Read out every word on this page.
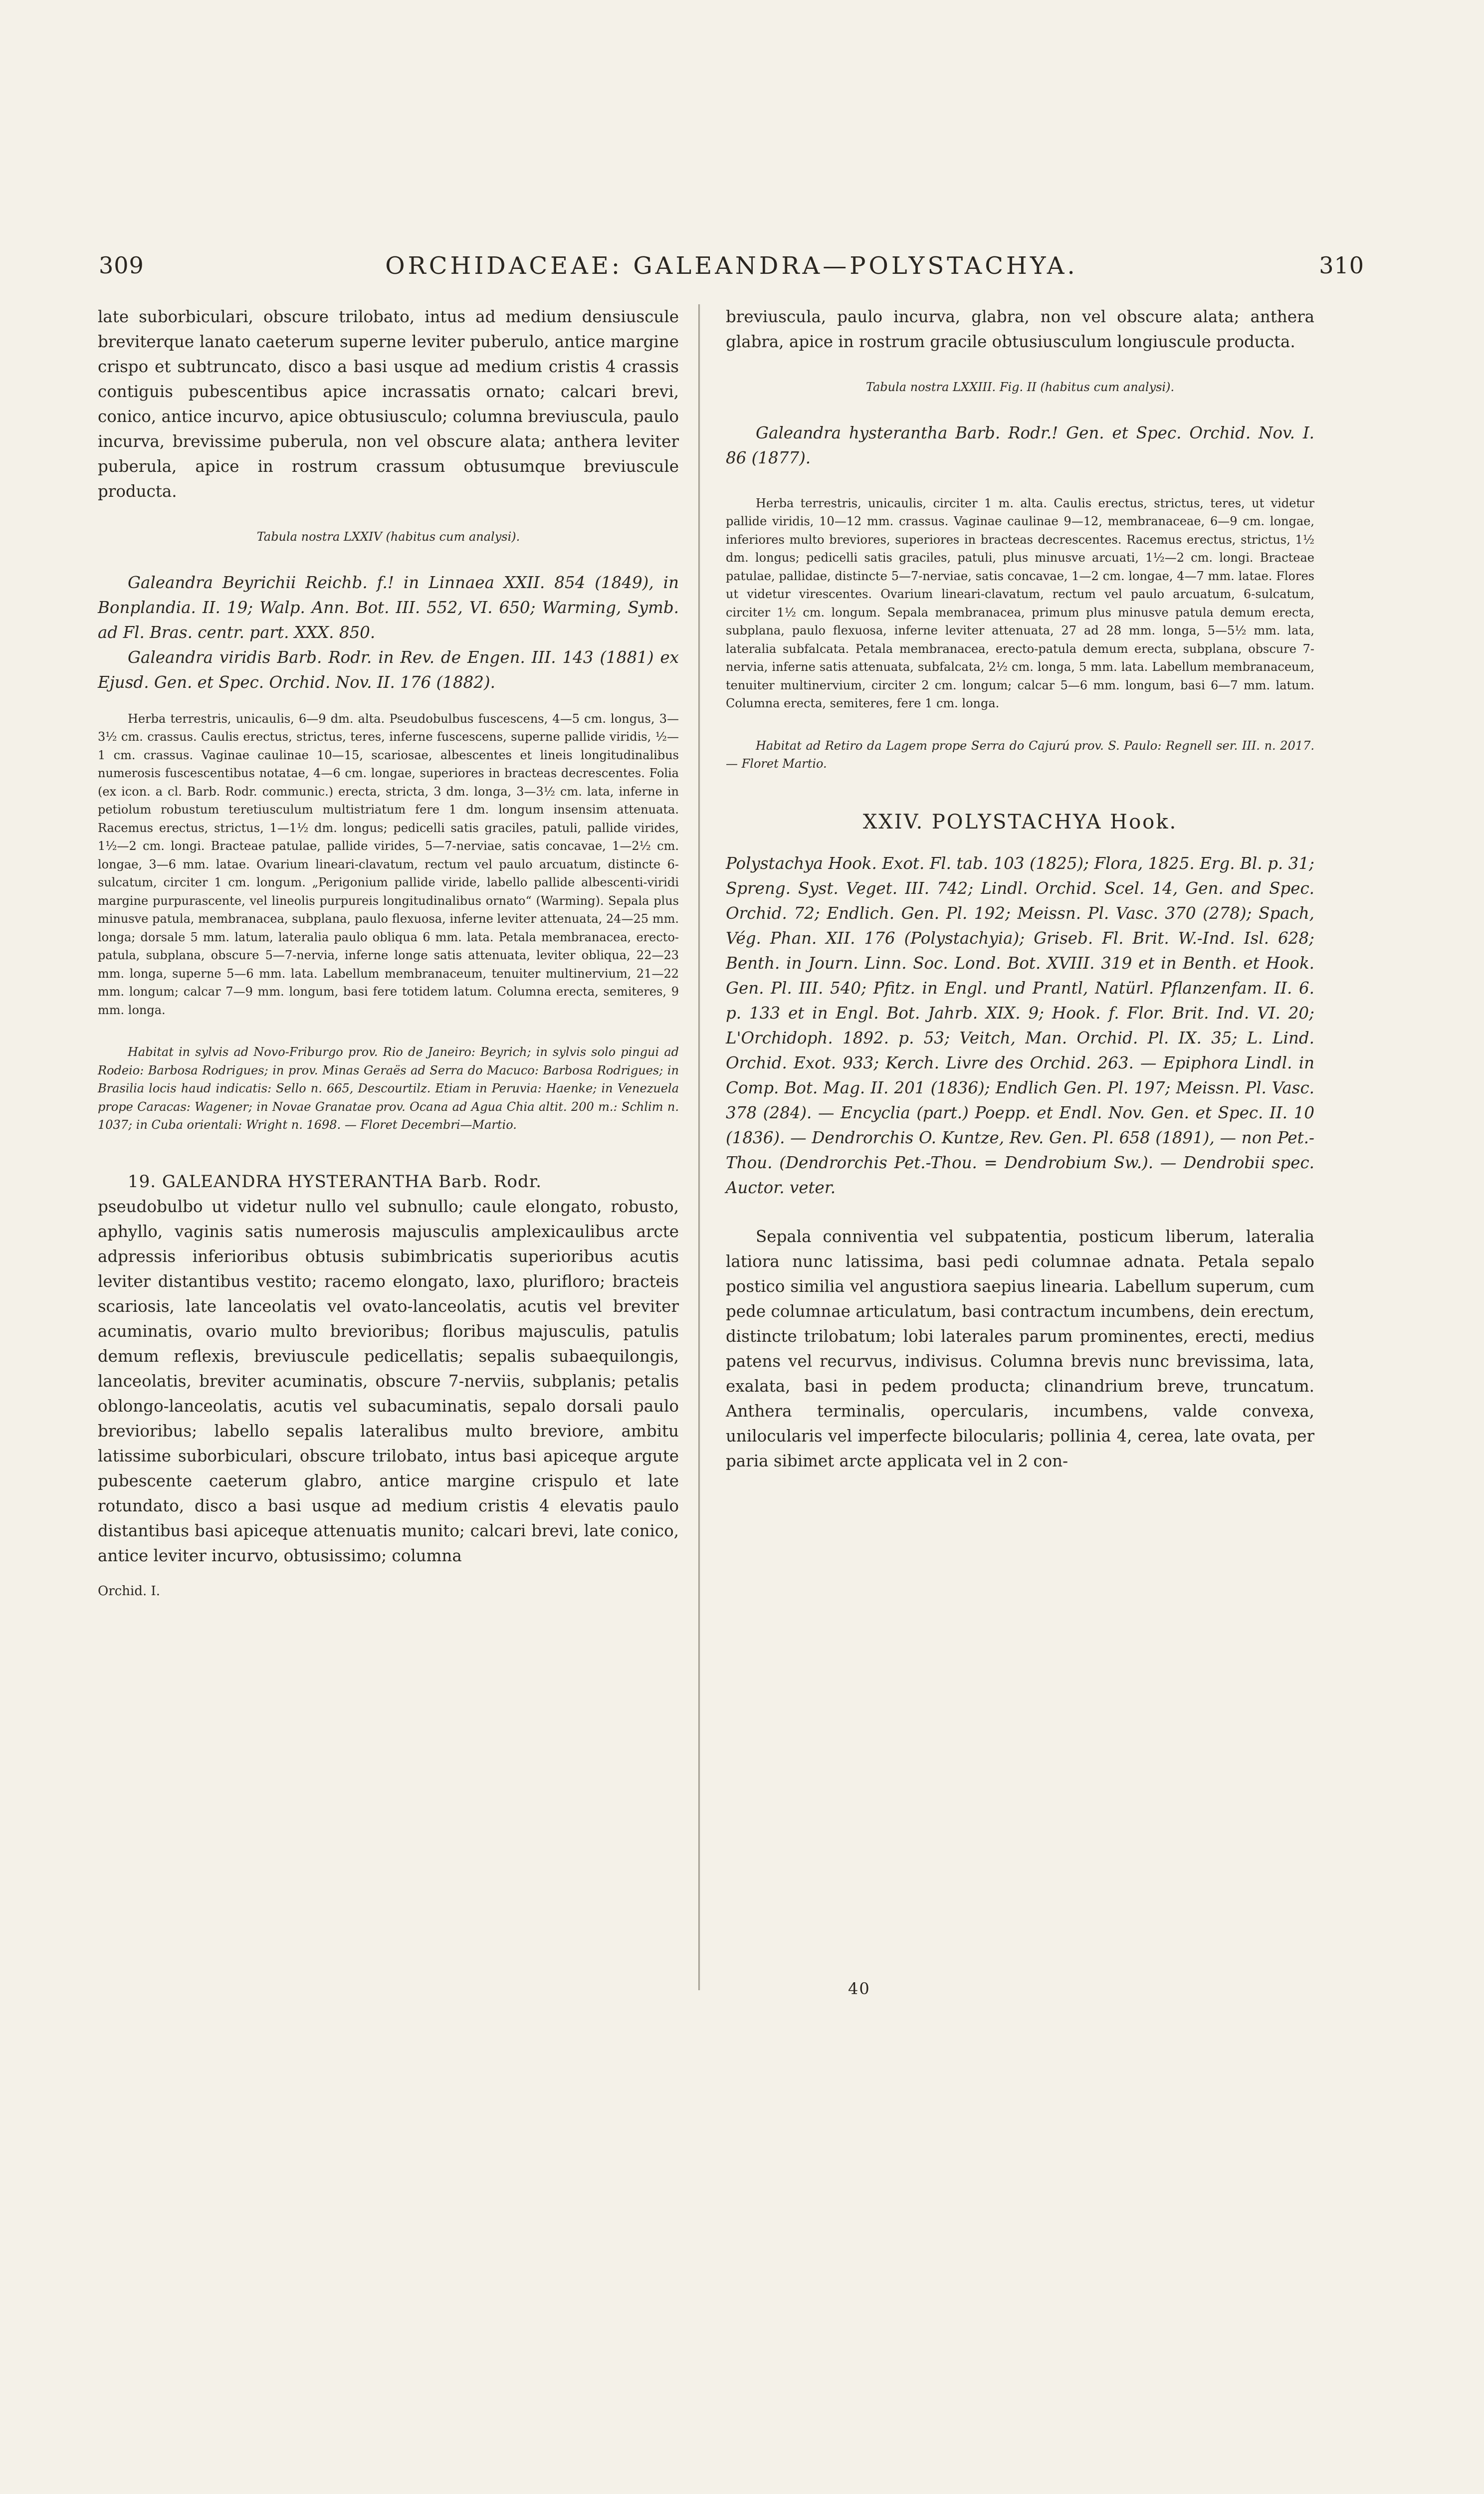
309	ORCHIDACEAE: GALEANDRA—POLYSTACHYA.	310

late suborbiculari, obscure trilobato, intus ad medium densiuscule breviterque lanato caeterum superne leviter puberulo, antice margine crispo et subtruncato, disco a basi usque ad medium cristis 4 crassis contiguis pubescentibus apice incrassatis ornato; calcari brevi, conico, antice incurvo, apice obtusiusculo; columna breviuscula, paulo incurva, brevissime puberula, non vel obscure alata; anthera leviter puberula, apice in rostrum crassum obtusumque breviuscule producta.

Tabula nostra LXXIV (habitus cum analysi).

Galeandra Beyrichii Reichb. f.! in Linnaea XXII. 854 (1849), in Bonplandia. II. 19; Walp. Ann. Bot. III. 552, VI. 650; Warming, Symb. ad Fl. Bras. centr. part. XXX. 850.

Galeandra viridis Barb. Rodr. in Rev. de Engen. III. 143 (1881) ex Ejusd. Gen. et Spec. Orchid. Nov. II. 176 (1882).

Herba terrestris, unicaulis, 6—9 dm. alta. Pseudobulbus fuscescens, 4—5 cm. longus, 3—3½ cm. crassus. Caulis erectus, strictus, teres, inferne fuscescens, superne pallide viridis, ½—1 cm. crassus. Vaginae caulinae 10—15, scariosae, albescentes et lineis longitudinalibus numerosis fuscescentibus notatae, 4—6 cm. longae, superiores in bracteas decrescentes. Folia (ex icon. a cl. Barb. Rodr. communic.) erecta, stricta, 3 dm. longa, 3—3½ cm. lata, inferne in petiolum robustum teretiusculum multistriatum fere 1 dm. longum insensim attenuata. Racemus erectus, strictus, 1—1½ dm. longus; pedicelli satis graciles, patuli, pallide virides, 1½—2 cm. longi. Bracteae patulae, pallide virides, 5—7-nerviae, satis concavae, 1—2½ cm. longae, 3—6 mm. latae. Ovarium lineari-clavatum, rectum vel paulo arcuatum, distincte 6-sulcatum, circiter 1 cm. longum. „Perigonium pallide viride, labello pallide albescenti-viridi margine purpurascente, vel lineolis purpureis longitudinalibus ornato“ (Warming). Sepala plus minusve patula, membranacea, subplana, paulo flexuosa, inferne leviter attenuata, 24—25 mm. longa; dorsale 5 mm. latum, lateralia paulo obliqua 6 mm. lata. Petala membranacea, erecto-patula, subplana, obscure 5—7-nervia, inferne longe satis attenuata, leviter obliqua, 22—23 mm. longa, superne 5—6 mm. lata. Labellum membranaceum, tenuiter multinervium, 21—22 mm. longum; calcar 7—9 mm. longum, basi fere totidem latum. Columna erecta, semiteres, 9 mm. longa.

Habitat in sylvis ad Novo-Friburgo prov. Rio de Janeiro: Beyrich; in sylvis solo pingui ad Rodeio: Barbosa Rodrigues; in prov. Minas Geraës ad Serra do Macuco: Barbosa Rodrigues; in Brasilia locis haud indicatis: Sello n. 665, Descourtilz. Etiam in Peruvia: Haenke; in Venezuela prope Caracas: Wagener; in Novae Granatae prov. Ocana ad Agua Chia altit. 200 m.: Schlim n. 1037; in Cuba orientali: Wright n. 1698. — Floret Decembri—Martio.

19. GALEANDRA HYSTERANTHA Barb. Rodr.

pseudobulbo ut videtur nullo vel subnullo; caule elongato, robusto, aphyllo, vaginis satis numerosis majusculis amplexicaulibus arcte adpressis inferioribus obtusis subimbricatis superioribus acutis leviter distantibus vestito; racemo elongato, laxo, plurifloro; bracteis scariosis, late lanceolatis vel ovato-lanceolatis, acutis vel breviter acuminatis, ovario multo brevioribus; floribus majusculis, patulis demum reflexis, breviuscule pedicellatis; sepalis subaequilongis, lanceolatis, breviter acuminatis, obscure 7-nerviis, subplanis; petalis oblongo-lanceolatis, acutis vel subacuminatis, sepalo dorsali paulo brevioribus; labello sepalis lateralibus multo breviore, ambitu latissime suborbiculari, obscure trilobato, intus basi apiceque argute pubescente caeterum glabro, antice margine crispulo et late rotundato, disco a basi usque ad medium cristis 4 elevatis paulo distantibus basi apiceque attenuatis munito; calcari brevi, late conico, antice leviter incurvo, obtusissimo; columna

Orchid. I.

breviuscula, paulo incurva, glabra, non vel obscure alata; anthera glabra, apice in rostrum gracile obtusiusculum longiuscule producta.

Tabula nostra LXXIII. Fig. II (habitus cum analysi).

Galeandra hysterantha Barb. Rodr.! Gen. et Spec. Orchid. Nov. I. 86 (1877).

Herba terrestris, unicaulis, circiter 1 m. alta. Caulis erectus, strictus, teres, ut videtur pallide viridis, 10—12 mm. crassus. Vaginae caulinae 9—12, membranaceae, 6—9 cm. longae, inferiores multo breviores, superiores in bracteas decrescentes. Racemus erectus, strictus, 1½ dm. longus; pedicelli satis graciles, patuli, plus minusve arcuati, 1½—2 cm. longi. Bracteae patulae, pallidae, distincte 5—7-nerviae, satis concavae, 1—2 cm. longae, 4—7 mm. latae. Flores ut videtur virescentes. Ovarium lineari-clavatum, rectum vel paulo arcuatum, 6-sulcatum, circiter 1½ cm. longum. Sepala membranacea, primum plus minusve patula demum erecta, subplana, paulo flexuosa, inferne leviter attenuata, 27 ad 28 mm. longa, 5—5½ mm. lata, lateralia subfalcata. Petala membranacea, erecto-patula demum erecta, subplana, obscure 7-nervia, inferne satis attenuata, subfalcata, 2½ cm. longa, 5 mm. lata. Labellum membranaceum, tenuiter multinervium, circiter 2 cm. longum; calcar 5—6 mm. longum, basi 6—7 mm. latum. Columna erecta, semiteres, fere 1 cm. longa.

Habitat ad Retiro da Lagem prope Serra do Cajurú prov. S. Paulo: Regnell ser. III. n. 2017. — Floret Martio.

XXIV. POLYSTACHYA Hook.

Polystachya Hook. Exot. Fl. tab. 103 (1825); Flora, 1825. Erg. Bl. p. 31; Spreng. Syst. Veget. III. 742; Lindl. Orchid. Scel. 14, Gen. and Spec. Orchid. 72; Endlich. Gen. Pl. 192; Meissn. Pl. Vasc. 370 (278); Spach, Vég. Phan. XII. 176 (Polystachyia); Griseb. Fl. Brit. W.-Ind. Isl. 628; Benth. in Journ. Linn. Soc. Lond. Bot. XVIII. 319 et in Benth. et Hook. Gen. Pl. III. 540; Pfitz. in Engl. und Prantl, Natürl. Pflanzenfam. II. 6. p. 133 et in Engl. Bot. Jahrb. XIX. 9; Hook. f. Flor. Brit. Ind. VI. 20; L'Orchidoph. 1892. p. 53; Veitch, Man. Orchid. Pl. IX. 35; L. Lind. Orchid. Exot. 933; Kerch. Livre des Orchid. 263. — Epiphora Lindl. in Comp. Bot. Mag. II. 201 (1836); Endlich Gen. Pl. 197; Meissn. Pl. Vasc. 378 (284). — Encyclia (part.) Poepp. et Endl. Nov. Gen. et Spec. II. 10 (1836). — Dendrorchis O. Kuntze, Rev. Gen. Pl. 658 (1891), — non Pet.-Thou. (Dendrorchis Pet.-Thou. = Dendrobium Sw.). — Dendrobii spec. Auctor. veter.

Sepala conniventia vel subpatentia, posticum liberum, lateralia latiora nunc latissima, basi pedi columnae adnata. Petala sepalo postico similia vel angustiora saepius linearia. Labellum superum, cum pede columnae articulatum, basi contractum incumbens, dein erectum, distincte trilobatum; lobi laterales parum prominentes, erecti, medius patens vel recurvus, indivisus. Columna brevis nunc brevissima, lata, exalata, basi in pedem producta; clinandrium breve, truncatum. Anthera terminalis, opercularis, incumbens, valde convexa, unilocularis vel imperfecte bilocularis; pollinia 4, cerea, late ovata, per paria sibimet arcte applicata vel in 2 con-

40
